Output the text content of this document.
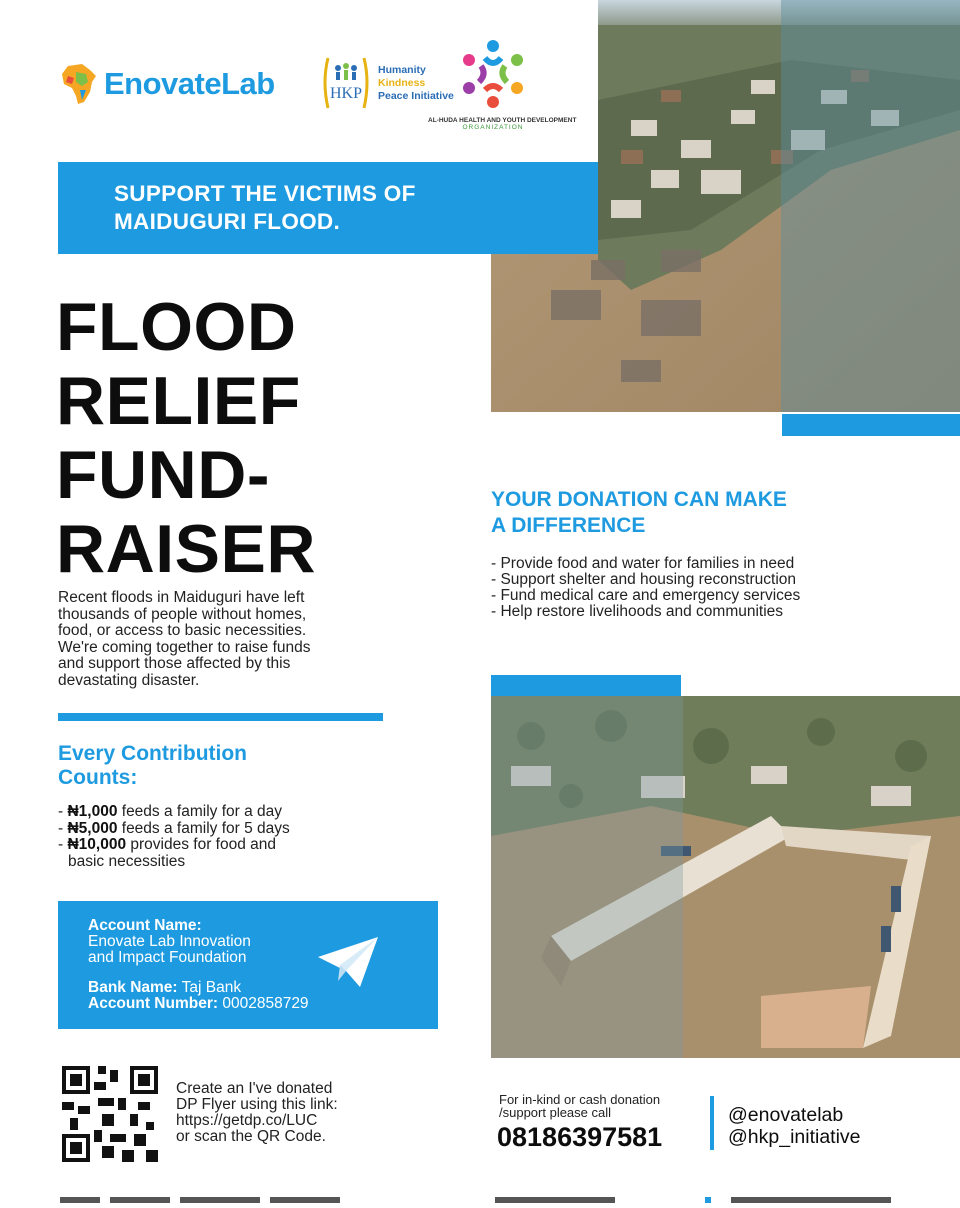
EnovateLab	HKP
Humanity
Kindness
Peace Initiative
AL-HUDA HEALTH AND YOUTH DEVELOPMENT
ORGANIZATION
SUPPORT THE VICTIMS OF
MAIDUGURI FLOOD.
FLOOD
RELIEF
FUND-
RAISER
Recent floods in Maiduguri have left
thousands of people without homes,
food, or access to basic necessities.
We're coming together to raise funds
and support those affected by this
devastating disaster.
Every Contribution
Counts:
- ₦1,000 feeds a family for a day
- ₦5,000 feeds a family for 5 days
- ₦10,000 provides for food and
basic necessities
Account Name:
Enovate Lab Innovation
and Impact Foundation
Bank Name: Taj Bank
Account Number: 0002858729
YOUR DONATION CAN MAKE
A DIFFERENCE
- Provide food and water for families in need
- Support shelter and housing reconstruction
- Fund medical care and emergency services
- Help restore livelihoods and communities
Create an I've donated
DP Flyer using this link:
https://getdp.co/LUC
or scan the QR Code.
For in-kind or cash donation
/support please call
08186397581
@enovatelab
@hkp_initiative
